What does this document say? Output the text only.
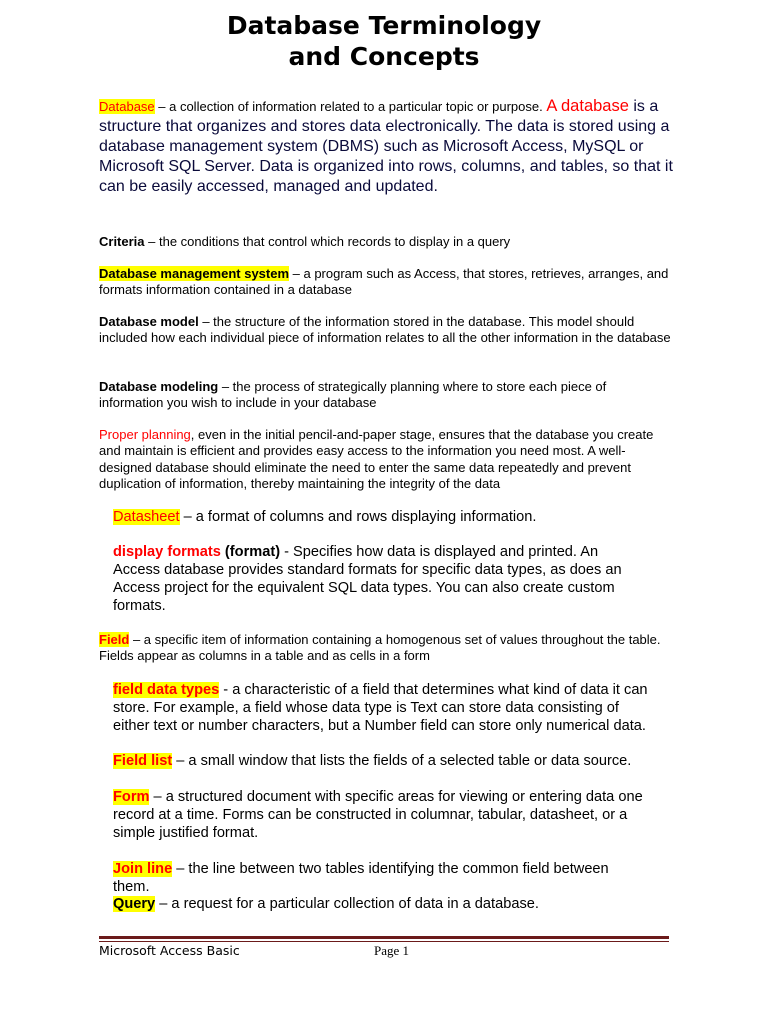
Database Terminology
and Concepts

Database – a collection of information related to a particular topic or purpose. A database is a structure that organizes and stores data electronically. The data is stored using a database management system (DBMS) such as Microsoft Access, MySQL or Microsoft SQL Server. Data is organized into rows, columns, and tables, so that it can be easily accessed, managed and updated.

Criteria – the conditions that control which records to display in a query

Database management system – a program such as Access, that stores, retrieves, arranges, and formats information contained in a database

Database model – the structure of the information stored in the database. This model should included how each individual piece of information relates to all the other information in the database

Database modeling – the process of strategically planning where to store each piece of information you wish to include in your database

Proper planning, even in the initial pencil-and-paper stage, ensures that the database you create and maintain is efficient and provides easy access to the information you need most. A well-designed database should eliminate the need to enter the same data repeatedly and prevent duplication of information, thereby maintaining the integrity of the data

Datasheet – a format of columns and rows displaying information.

display formats (format) - Specifies how data is displayed and printed. An Access database provides standard formats for specific data types, as does an Access project for the equivalent SQL data types. You can also create custom formats.

Field – a specific item of information containing a homogenous set of values throughout the table. Fields appear as columns in a table and as cells in a form

field data types - a characteristic of a field that determines what kind of data it can store. For example, a field whose data type is Text can store data consisting of either text or number characters, but a Number field can store only numerical data.

Field list – a small window that lists the fields of a selected table or data source.

Form – a structured document with specific areas for viewing or entering data one record at a time. Forms can be constructed in columnar, tabular, datasheet, or a simple justified format.

Join line – the line between two tables identifying the common field between them.

Query – a request for a particular collection of data in a database.

Microsoft Access Basic	Page 1
